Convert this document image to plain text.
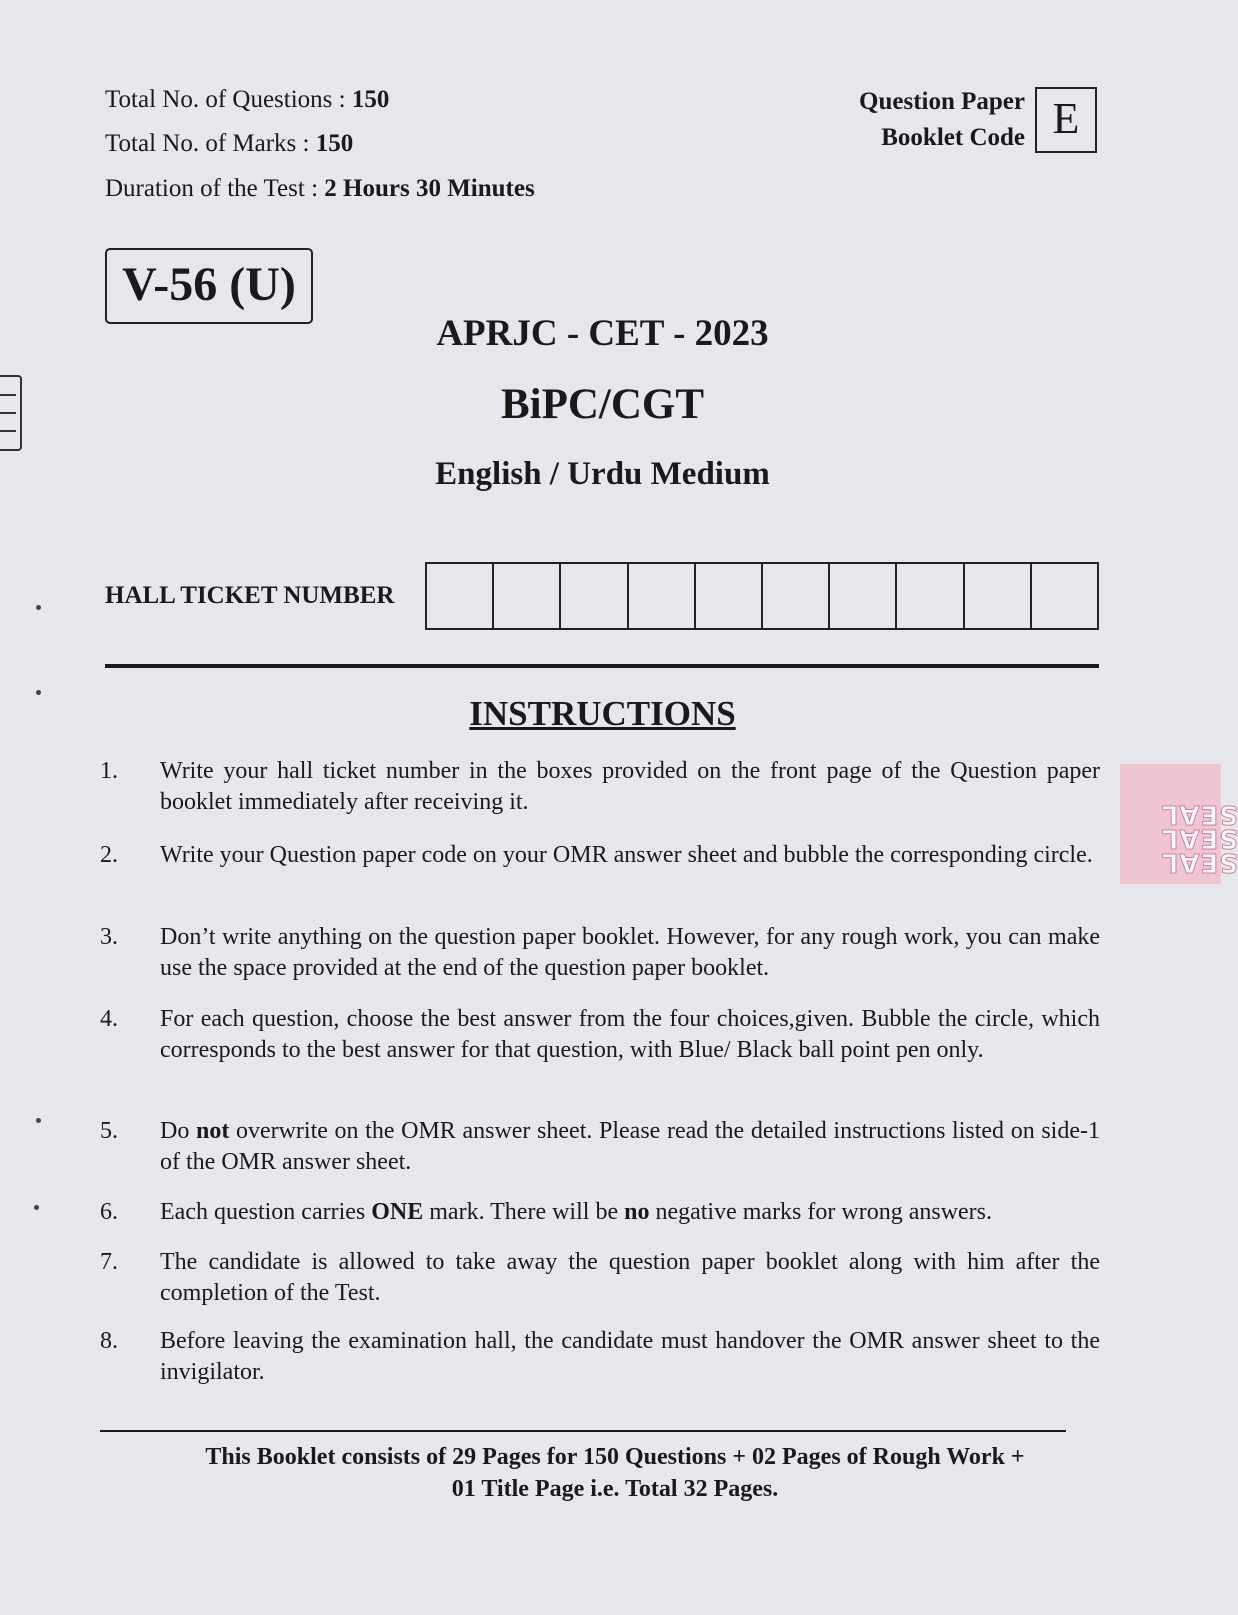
Total No. of Questions : 150
Total No. of Marks : 150
Duration of the Test : 2 Hours 30 Minutes
Question Paper
Booklet Code E
V-56 (U)
APRJC - CET - 2023
BiPC/CGT
English / Urdu Medium
HALL TICKET NUMBER
INSTRUCTIONS
1. Write your hall ticket number in the boxes provided on the front page of the Question paper booklet immediately after receiving it.
2. Write your Question paper code on your OMR answer sheet and bubble the corresponding circle.
3. Don’t write anything on the question paper booklet. However, for any rough work, you can make use the space provided at the end of the question paper booklet.
4. For each question, choose the best answer from the four choices,given. Bubble the circle, which corresponds to the best answer for that question, with Blue/ Black ball point pen only.
5. Do not overwrite on the OMR answer sheet. Please read the detailed instructions listed on side-1 of the OMR answer sheet.
6. Each question carries ONE mark. There will be no negative marks for wrong answers.
7. The candidate is allowed to take away the question paper booklet along with him after the completion of the Test.
8. Before leaving the examination hall, the candidate must handover the OMR answer sheet to the invigilator.
This Booklet consists of 29 Pages for 150 Questions + 02 Pages of Rough Work +
01 Title Page i.e. Total 32 Pages.
SEAL
SEAL
SEAL
